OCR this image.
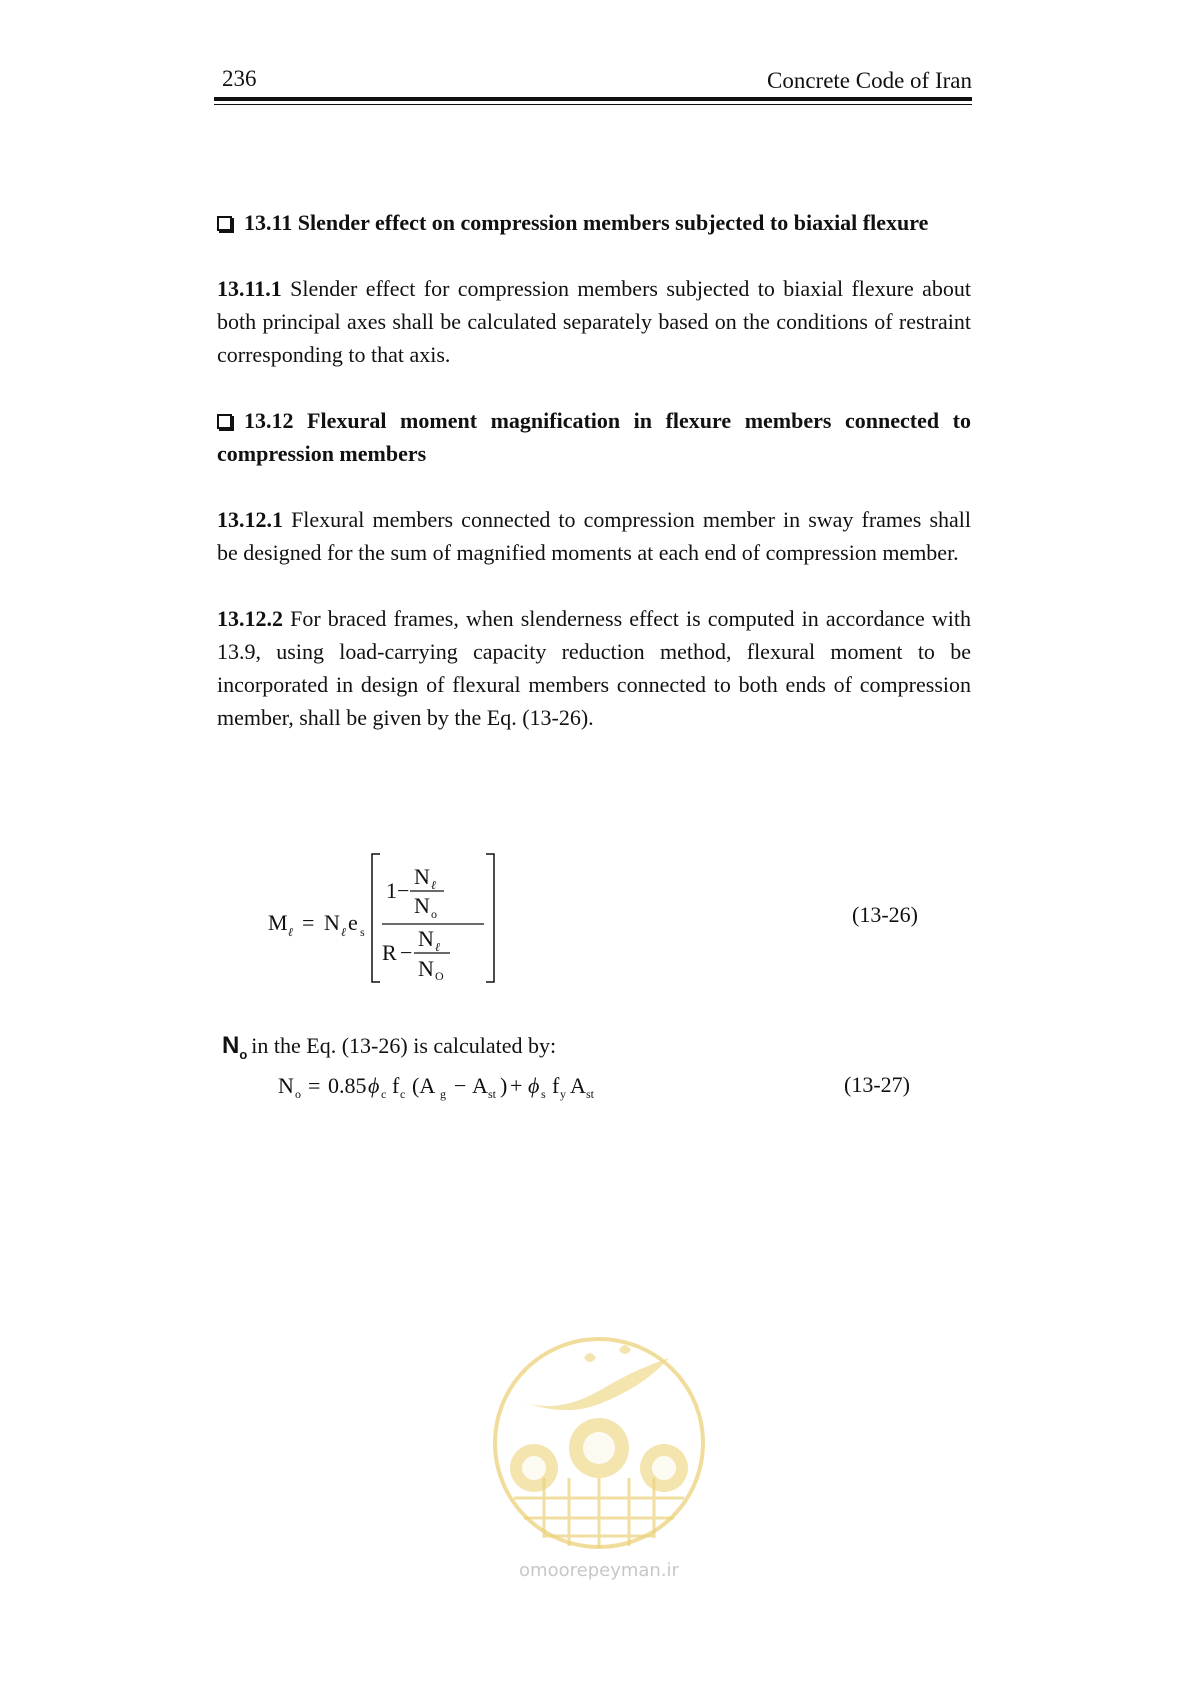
236	Concrete Code of Iran

13.11 Slender effect on compression members subjected to biaxial flexure

13.11.1 Slender effect for compression members subjected to biaxial flexure about both principal axes shall be calculated separately based on the conditions of restraint corresponding to that axis.

13.12 Flexural moment magnification in flexure members connected to compression members

13.12.1 Flexural members connected to compression member in sway frames shall be designed for the sum of magnified moments at each end of compression member.

13.12.2 For braced frames, when slenderness effect is computed in accordance with 13.9, using load-carrying capacity reduction method, flexural moment to be incorporated in design of flexural members connected to both ends of compression member, shall be given by the Eq. (13-26).

M ℓ = N ℓ e s
1 −
N ℓ
N o
R −
N ℓ
N O
(13-26)
$N_o$ in the Eq. (13-26) is calculated by:
N o = 0.85 ϕ c f c (A g − A st ) + ϕ s f y A st	(13-27)
omoorepeyman.ir
